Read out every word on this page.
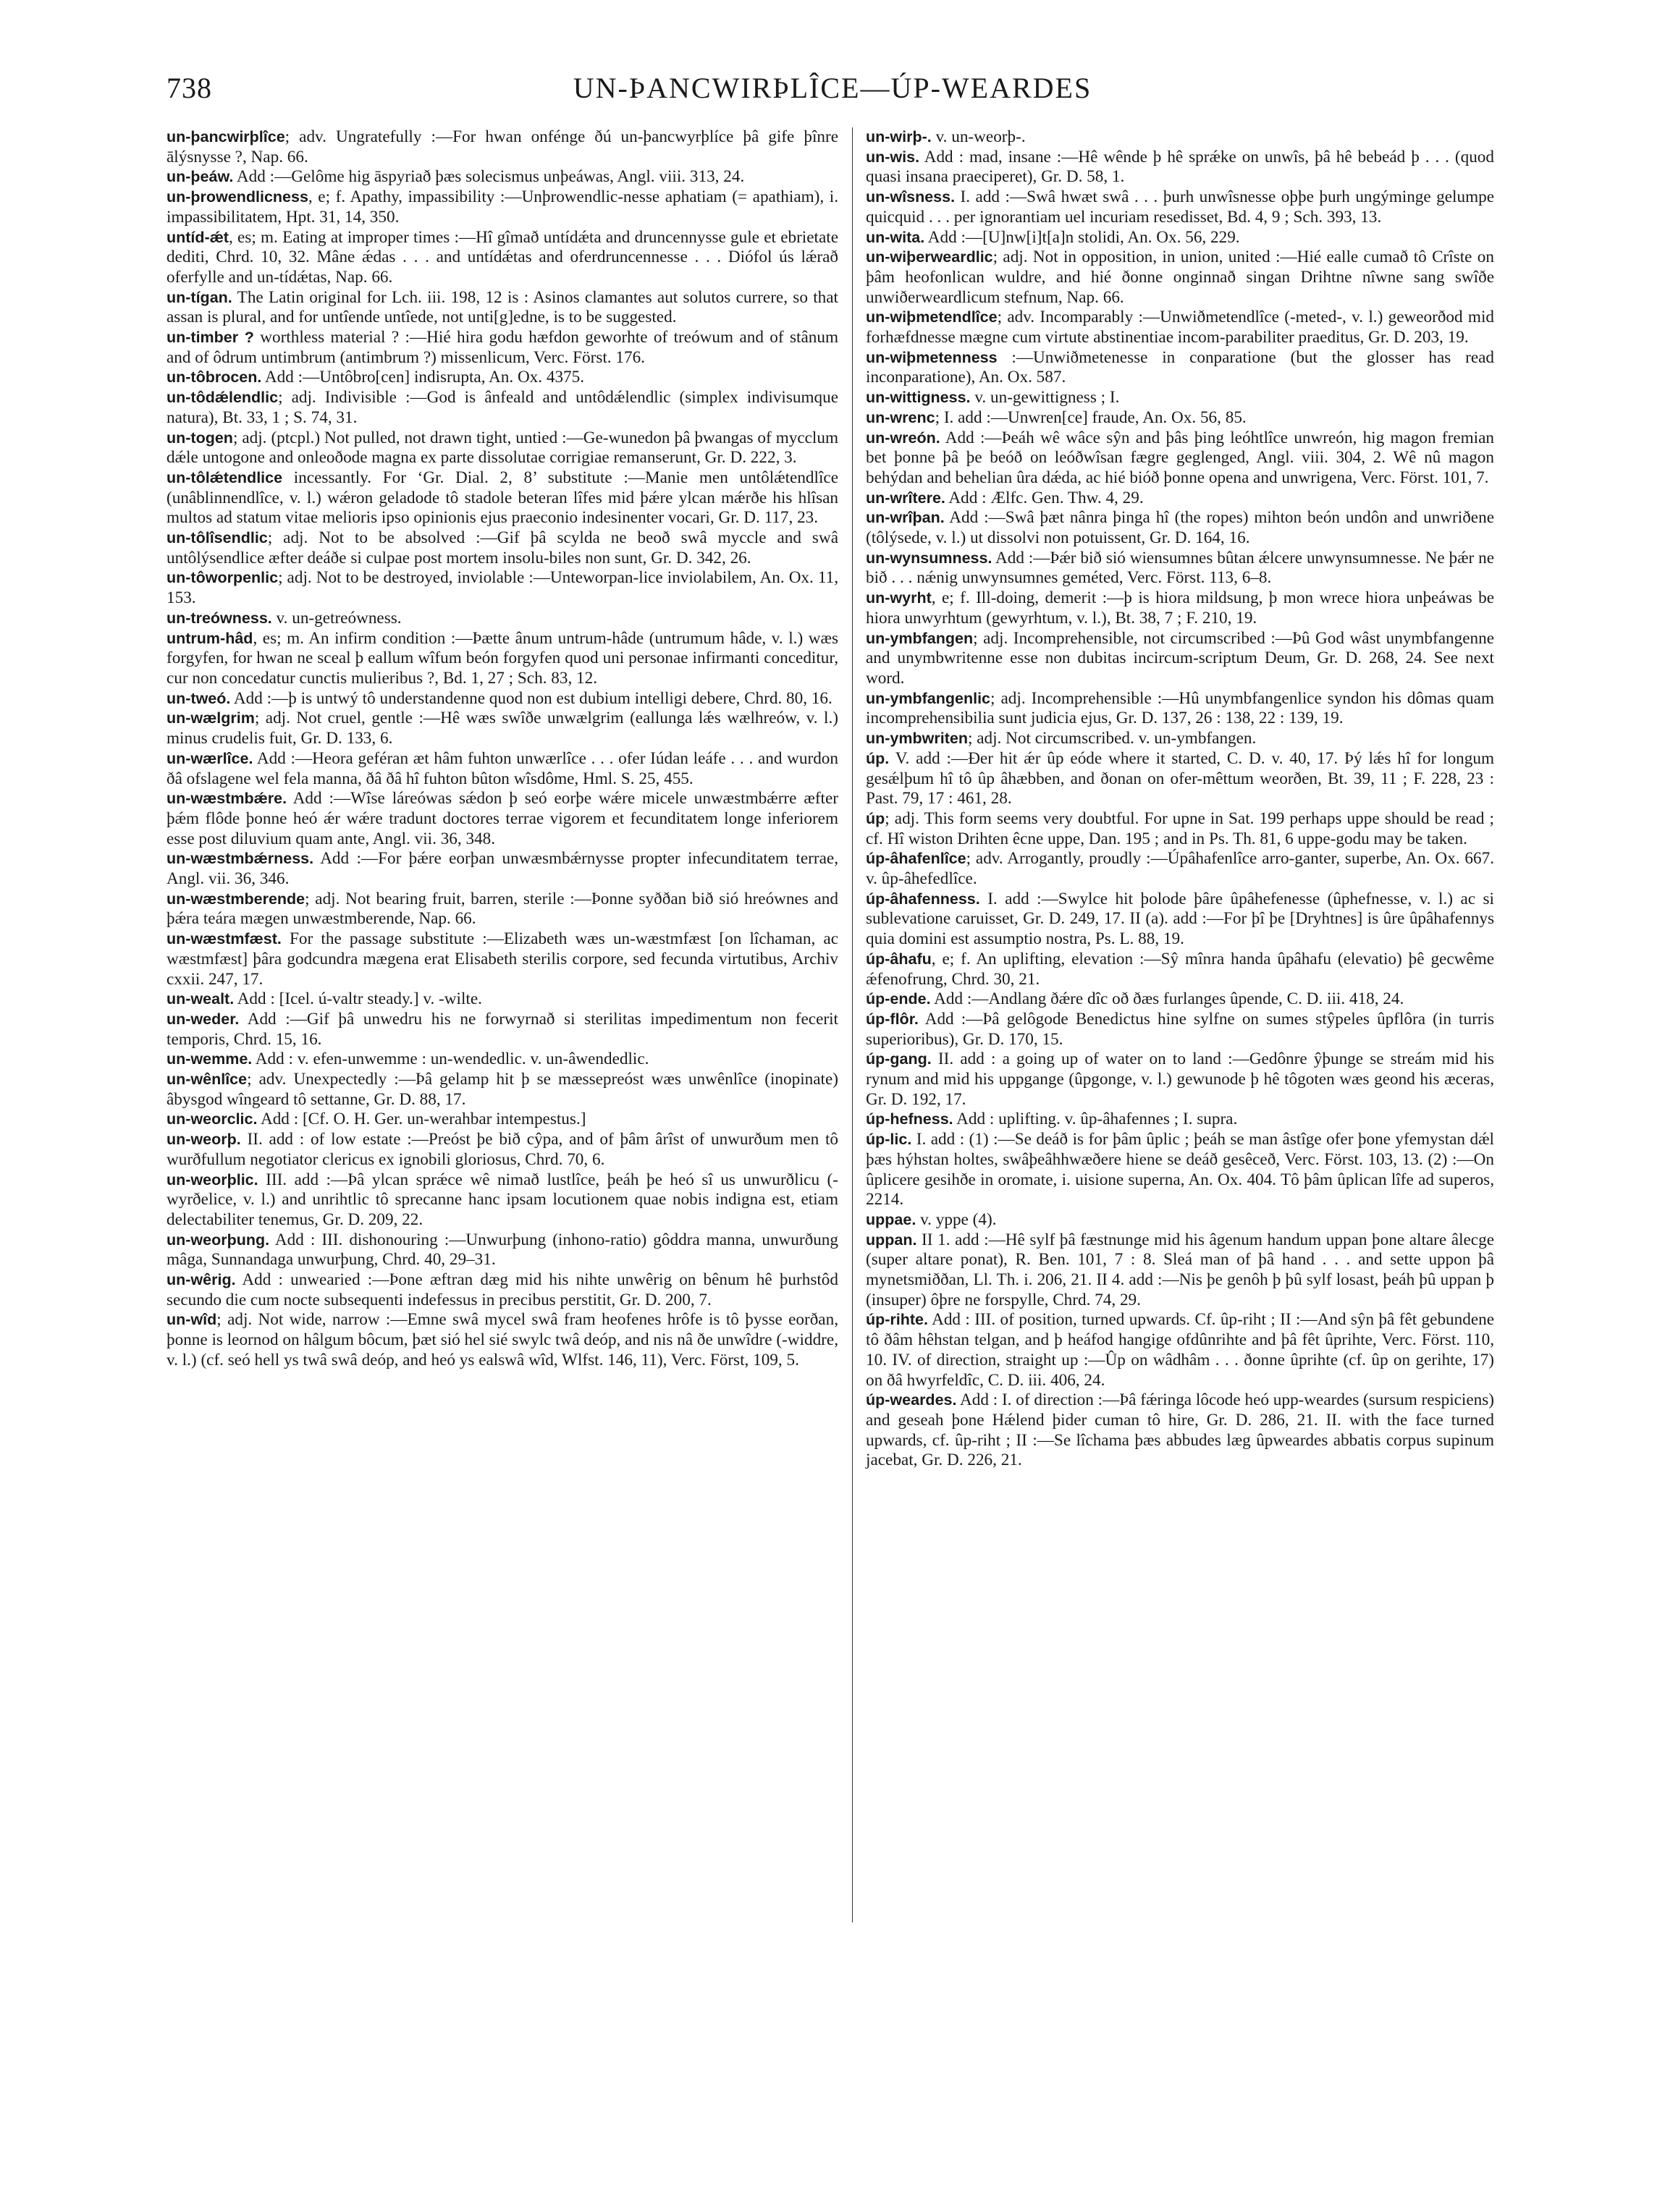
738	UN-ÞANCWIRÞLÎCE—ÚP-WEARDES

un-þancwirþlîce; adv. Ungratefully :—For hwan onfénge ðú un-þancwyrþlíce þâ gife þînre ālýsnysse ?, Nap. 66.

un-þeáw. Add :—Gelôme hig āspyriað þæs solecismus unþeáwas, Angl. viii. 313, 24.

un-þrowendlicness, e; f. Apathy, impassibility :—Unþrowendlic-nesse aphatiam (= apathiam), i. impassibilitatem, Hpt. 31, 14, 350.

untíd-ǽt, es; m. Eating at improper times :—Hî gîmað untídǽta and druncennysse gule et ebrietate dediti, Chrd. 10, 32. Mâne ǽdas . . . and untídǽtas and oferdruncennesse . . . Diófol ús lǽrað oferfylle and un-tídǽtas, Nap. 66.

un-tígan. The Latin original for Lch. iii. 198, 12 is : Asinos clamantes aut solutos currere, so that assan is plural, and for untîende untîede, not unti[g]edne, is to be suggested.

un-timber ? worthless material ? :—Hié hira godu hæfdon geworhte of treówum and of stânum and of ôdrum untimbrum (antimbrum ?) missenlicum, Verc. Först. 176.

un-tôbrocen. Add :—Untôbro[cen] indisrupta, An. Ox. 4375.

un-tôdǽlendlic; adj. Indivisible :—God is ânfeald and untôdǽlendlic (simplex indivisumque natura), Bt. 33, 1 ; S. 74, 31.

un-togen; adj. (ptcpl.) Not pulled, not drawn tight, untied :—Ge-wunedon þâ þwangas of mycclum dǽle untogone and onleoðode magna ex parte dissolutae corrigiae remanserunt, Gr. D. 222, 3.

un-tôlǽtendlice incessantly. For ‘Gr. Dial. 2, 8’ substitute :—Manie men untôlǽtendlîce (unâblinnendlîce, v. l.) wǽron geladode tô stadole beteran lîfes mid þǽre ylcan mǽrðe his hlîsan multos ad statum vitae melioris ipso opinionis ejus praeconio indesinenter vocari, Gr. D. 117, 23.

un-tôlîsendlic; adj. Not to be absolved :—Gif þâ scylda ne beoð swâ myccle and swâ untôlýsendlice æfter deáðe si culpae post mortem insolu-biles non sunt, Gr. D. 342, 26.

un-tôworpenlic; adj. Not to be destroyed, inviolable :—Unteworpan-lice inviolabilem, An. Ox. 11, 153.

un-treówness. v. un-getreówness.

untrum-hâd, es; m. An infirm condition :—Þætte ânum untrum-hâde (untrumum hâde, v. l.) wæs forgyfen, for hwan ne sceal þ eallum wîfum beón forgyfen quod uni personae infirmanti conceditur, cur non concedatur cunctis mulieribus ?, Bd. 1, 27 ; Sch. 83, 12.

un-tweó. Add :—þ is untwý tô understandenne quod non est dubium intelligi debere, Chrd. 80, 16.

un-wælgrim; adj. Not cruel, gentle :—Hê wæs swîðe unwælgrim (eallunga lǽs wælhreów, v. l.) minus crudelis fuit, Gr. D. 133, 6.

un-wærlîce. Add :—Heora geféran æt hâm fuhton unwærlîce . . . ofer Iúdan leáfe . . . and wurdon ðâ ofslagene wel fela manna, ðâ ðâ hî fuhton bûton wîsdôme, Hml. S. 25, 455.

un-wæstmbǽre. Add :—Wîse láreówas sǽdon þ seó eorþe wǽre micele unwæstmbǽrre æfter þǽm flôde þonne heó ǽr wǽre tradunt doctores terrae vigorem et fecunditatem longe inferiorem esse post diluvium quam ante, Angl. vii. 36, 348.

un-wæstmbǽrness. Add :—For þǽre eorþan unwæsmbǽrnysse propter infecunditatem terrae, Angl. vii. 36, 346.

un-wæstmberende; adj. Not bearing fruit, barren, sterile :—Þonne syððan bið sió hreównes and þǽra teára mægen unwæstmberende, Nap. 66.

un-wæstmfæst. For the passage substitute :—Elizabeth wæs un-wæstmfæst [on lîchaman, ac wæstmfæst] þâra godcundra mægena erat Elisabeth sterilis corpore, sed fecunda virtutibus, Archiv cxxii. 247, 17.

un-wealt. Add : [Icel. ú-valtr steady.] v. -wilte.

un-weder. Add :—Gif þâ unwedru his ne forwyrnað si sterilitas impedimentum non fecerit temporis, Chrd. 15, 16.

un-wemme. Add : v. efen-unwemme : un-wendedlic. v. un-âwendedlic.

un-wênlîce; adv. Unexpectedly :—Þâ gelamp hit þ se mæssepreóst wæs unwênlîce (inopinate) âbysgod wîngeard tô settanne, Gr. D. 88, 17.

un-weorclic. Add : [Cf. O. H. Ger. un-werahbar intempestus.]

un-weorþ. II. add : of low estate :—Preóst þe bið cŷpa, and of þâm ârîst of unwurðum men tô wurðfullum negotiator clericus ex ignobili gloriosus, Chrd. 70, 6.

un-weorþlic. III. add :—Þâ ylcan sprǽce wê nimað lustlîce, þeáh þe heó sî us unwurðlicu (-wyrðelice, v. l.) and unrihtlic tô sprecanne hanc ipsam locutionem quae nobis indigna est, etiam delectabiliter tenemus, Gr. D. 209, 22.

un-weorþung. Add : III. dishonouring :—Unwurþung (inhono-ratio) gôddra manna, unwurðung mâga, Sunnandaga unwurþung, Chrd. 40, 29–31.

un-wêrig. Add : unwearied :—Þone æftran dæg mid his nihte unwêrig on bênum hê þurhstôd secundo die cum nocte subsequenti indefessus in precibus perstitit, Gr. D. 200, 7.

un-wîd; adj. Not wide, narrow :—Emne swâ mycel swâ fram heofenes hrôfe is tô þysse eorðan, þonne is leornod on hâlgum bôcum, þæt sió hel sié swylc twâ deóp, and nis nâ ðe unwîdre (-widdre, v. l.) (cf. seó hell ys twâ swâ deóp, and heó ys ealswâ wîd, Wlfst. 146, 11), Verc. Först, 109, 5.

un-wirþ-. v. un-weorþ-.

un-wis. Add : mad, insane :—Hê wênde þ hê sprǽke on unwîs, þâ hê bebeád þ . . . (quod quasi insana praeciperet), Gr. D. 58, 1.

un-wîsness. I. add :—Swâ hwæt swâ . . . þurh unwîsnesse oþþe þurh ungýminge gelumpe quicquid . . . per ignorantiam uel incuriam resedisset, Bd. 4, 9 ; Sch. 393, 13.

un-wita. Add :—[U]nw[i]t[a]n stolidi, An. Ox. 56, 229.

un-wiþerweardlic; adj. Not in opposition, in union, united :—Hié ealle cumað tô Crîste on þâm heofonlican wuldre, and hié ðonne onginnað singan Drihtne nîwne sang swîðe unwiðerweardlicum stefnum, Nap. 66.

un-wiþmetendlîce; adv. Incomparably :—Unwiðmetendlîce (-meted-, v. l.) geweorðod mid forhæfdnesse mægne cum virtute abstinentiae incom-parabiliter praeditus, Gr. D. 203, 19.

un-wiþmetenness :—Unwiðmetenesse in conparatione (but the glosser has read inconparatione), An. Ox. 587.

un-wittigness. v. un-gewittigness ; I.

un-wrenc; I. add :—Unwren[ce] fraude, An. Ox. 56, 85.

un-wreón. Add :—Þeáh wê wâce sŷn and þâs þing leóhtlîce unwreón, hig magon fremian bet þonne þâ þe beóð on leóðwîsan fægre geglenged, Angl. viii. 304, 2. Wê nû magon behýdan and behelian ûra dǽda, ac hié bióð þonne opena and unwrigena, Verc. Först. 101, 7.

un-wrîtere. Add : Ælfc. Gen. Thw. 4, 29.

un-wrîþan. Add :—Swâ þæt nânra þinga hî (the ropes) mihton beón undôn and unwriðene (tôlýsede, v. l.) ut dissolvi non potuissent, Gr. D. 164, 16.

un-wynsumness. Add :—Þǽr bið sió wiensumnes bûtan ǽlcere unwynsumnesse. Ne þǽr ne bið . . . nǽnig unwynsumnes geméted, Verc. Först. 113, 6–8.

un-wyrht, e; f. Ill-doing, demerit :—þ is hiora mildsung, þ mon wrece hiora unþeáwas be hiora unwyrhtum (gewyrhtum, v. l.), Bt. 38, 7 ; F. 210, 19.

un-ymbfangen; adj. Incomprehensible, not circumscribed :—Þû God wâst unymbfangenne and unymbwritenne esse non dubitas incircum-scriptum Deum, Gr. D. 268, 24. See next word.

un-ymbfangenlic; adj. Incomprehensible :—Hû unymbfangenlice syndon his dômas quam incomprehensibilia sunt judicia ejus, Gr. D. 137, 26 : 138, 22 : 139, 19.

un-ymbwriten; adj. Not circumscribed. v. un-ymbfangen.

úp. V. add :—Ðer hit ǽr ûp eóde where it started, C. D. v. 40, 17. Þý lǽs hî for longum gesǽlþum hî tô ûp âhæbben, and ðonan on ofer-mêttum weorðen, Bt. 39, 11 ; F. 228, 23 : Past. 79, 17 : 461, 28.

úp; adj. This form seems very doubtful. For upne in Sat. 199 perhaps uppe should be read ; cf. Hî wiston Drihten êcne uppe, Dan. 195 ; and in Ps. Th. 81, 6 uppe-godu may be taken.

úp-âhafenlîce; adv. Arrogantly, proudly :—Úpâhafenlîce arro-ganter, superbe, An. Ox. 667. v. ûp-âhefedlîce.

úp-âhafenness. I. add :—Swylce hit þolode þâre ûpâhefenesse (ûphefnesse, v. l.) ac si sublevatione caruisset, Gr. D. 249, 17. II (a). add :—For þî þe [Dryhtnes] is ûre ûpâhafennys quia domini est assumptio nostra, Ps. L. 88, 19.

úp-âhafu, e; f. An uplifting, elevation :—Sŷ mînra handa ûpâhafu (elevatio) þê gecwême ǽfenofrung, Chrd. 30, 21.

úp-ende. Add :—Andlang ðǽre dîc oð ðæs furlanges ûpende, C. D. iii. 418, 24.

úp-flôr. Add :—Þâ gelôgode Benedictus hine sylfne on sumes stŷpeles ûpflôra (in turris superioribus), Gr. D. 170, 15.

úp-gang. II. add : a going up of water on to land :—Gedônre ŷþunge se streám mid his rynum and mid his uppgange (ûpgonge, v. l.) gewunode þ hê tôgoten wæs geond his æceras, Gr. D. 192, 17.

úp-hefness. Add : uplifting. v. ûp-âhafennes ; I. supra.

úp-lic. I. add : (1) :—Se deáð is for þâm ûplic ; þeáh se man âstîge ofer þone yfemystan dǽl þæs hýhstan holtes, swâþeâhhwæðere hiene se deáð gesêceð, Verc. Först. 103, 13. (2) :—On ûplicere gesihðe in oromate, i. uisione superna, An. Ox. 404. Tô þâm ûplican lîfe ad superos, 2214.

uppae. v. yppe (4).

uppan. II 1. add :—Hê sylf þâ fæstnunge mid his âgenum handum uppan þone altare âlecge (super altare ponat), R. Ben. 101, 7 : 8. Sleá man of þâ hand . . . and sette uppon þâ mynetsmiððan, Ll. Th. i. 206, 21. II 4. add :—Nis þe genôh þ þû sylf losast, þeáh þû uppan þ (insuper) ôþre ne forspylle, Chrd. 74, 29.

úp-rihte. Add : III. of position, turned upwards. Cf. ûp-riht ; II :—And sŷn þâ fêt gebundene tô ðâm hêhstan telgan, and þ heáfod hangige ofdûnrihte and þâ fêt ûprihte, Verc. Först. 110, 10. IV. of direction, straight up :—Ûp on wâdhâm . . . ðonne ûprihte (cf. ûp on gerihte, 17) on ðâ hwyrfeldîc, C. D. iii. 406, 24.

úp-weardes. Add : I. of direction :—Þâ fǽringa lôcode heó upp-weardes (sursum respiciens) and geseah þone Hǽlend þider cuman tô hire, Gr. D. 286, 21. II. with the face turned upwards, cf. ûp-riht ; II :—Se lîchama þæs abbudes læg ûpweardes abbatis corpus supinum jacebat, Gr. D. 226, 21.
